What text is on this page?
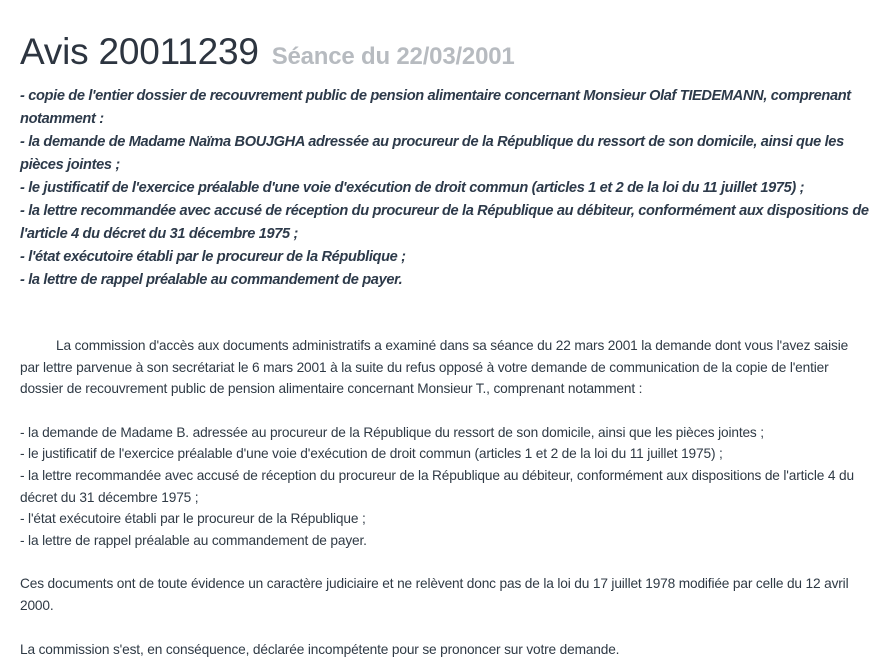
Avis 20011239 Séance du 22/03/2001
- copie de l'entier dossier de recouvrement public de pension alimentaire concernant Monsieur Olaf TIEDEMANN, comprenant notamment :
- la demande de Madame Naïma BOUJGHA adressée au procureur de la République du ressort de son domicile, ainsi que les pièces jointes ;
- le justificatif de l'exercice préalable d'une voie d'exécution de droit commun (articles 1 et 2 de la loi du 11 juillet 1975) ;
- la lettre recommandée avec accusé de réception du procureur de la République au débiteur, conformément aux dispositions de l'article 4 du décret du 31 décembre 1975 ;
- l'état exécutoire établi par le procureur de la République ;
- la lettre de rappel préalable au commandement de payer.

La commission d'accès aux documents administratifs a examiné dans sa séance du 22 mars 2001 la demande dont vous l'avez saisie par lettre parvenue à son secrétariat le 6 mars 2001 à la suite du refus opposé à votre demande de communication de la copie de l'entier dossier de recouvrement public de pension alimentaire concernant Monsieur T., comprenant notamment :

- la demande de Madame B. adressée au procureur de la République du ressort de son domicile, ainsi que les pièces jointes ;
- le justificatif de l'exercice préalable d'une voie d'exécution de droit commun (articles 1 et 2 de la loi du 11 juillet 1975) ;
- la lettre recommandée avec accusé de réception du procureur de la République au débiteur, conformément aux dispositions de l'article 4 du décret du 31 décembre 1975 ;
- l'état exécutoire établi par le procureur de la République ;
- la lettre de rappel préalable au commandement de payer.

Ces documents ont de toute évidence un caractère judiciaire et ne relèvent donc pas de la loi du 17 juillet 1978 modifiée par celle du 12 avril 2000.

La commission s'est, en conséquence, déclarée incompétente pour se prononcer sur votre demande.
